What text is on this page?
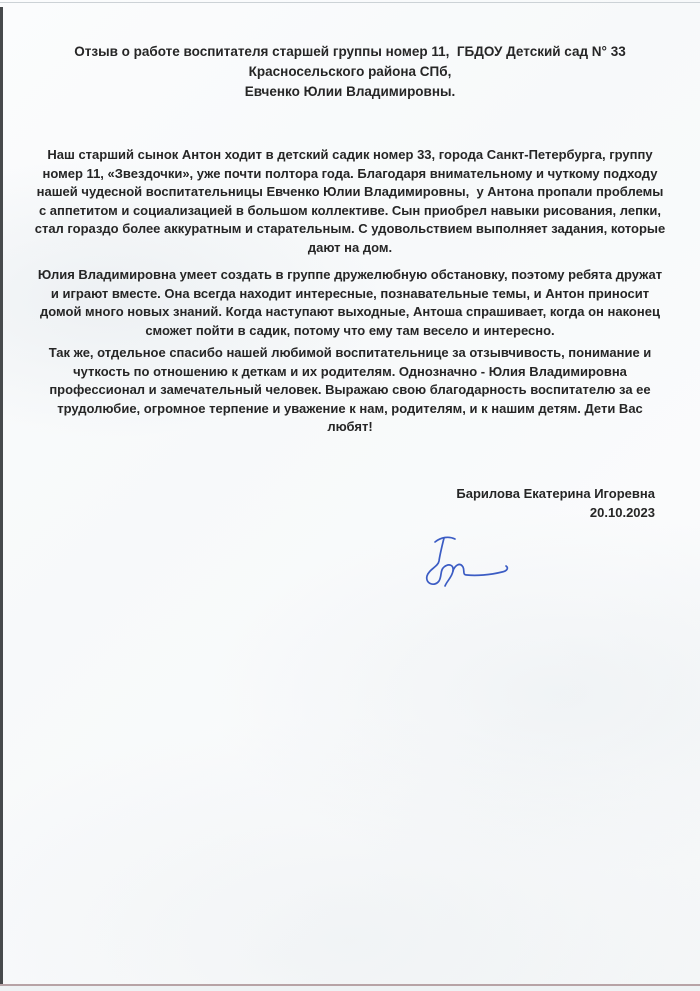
Отзыв о работе воспитателя старшей группы номер 11,  ГБДОУ Детский сад N° 33
Красносельского района СПб,
Евченко Юлии Владимировны.
Наш старший сынок Антон ходит в детский садик номер 33, города Санкт-Петербурга, группу
номер 11, «Звездочки», уже почти полтора года. Благодаря внимательному и чуткому подходу
нашей чудесной воспитательницы Евченко Юлии Владимировны,  у Антона пропали проблемы
с аппетитом и социализацией в большом коллективе. Сын приобрел навыки рисования, лепки,
стал гораздо более аккуратным и старательным. С удовольствием выполняет задания, которые
дают на дом.
Юлия Владимировна умеет создать в группе дружелюбную обстановку, поэтому ребята дружат
и играют вместе. Она всегда находит интересные, познавательные темы, и Антон приносит
домой много новых знаний. Когда наступают выходные, Антоша спрашивает, когда он наконец
сможет пойти в садик, потому что ему там весело и интересно.
Так же, отдельное спасибо нашей любимой воспитательнице за отзывчивость, понимание и
чуткость по отношению к деткам и их родителям. Однозначно - Юлия Владимировна
профессионал и замечательный человек. Выражаю свою благодарность воспитателю за ее
трудолюбие, огромное терпение и уважение к нам, родителям, и к нашим детям. Дети Вас
любят!
Барилова Екатерина Игоревна
20.10.2023
